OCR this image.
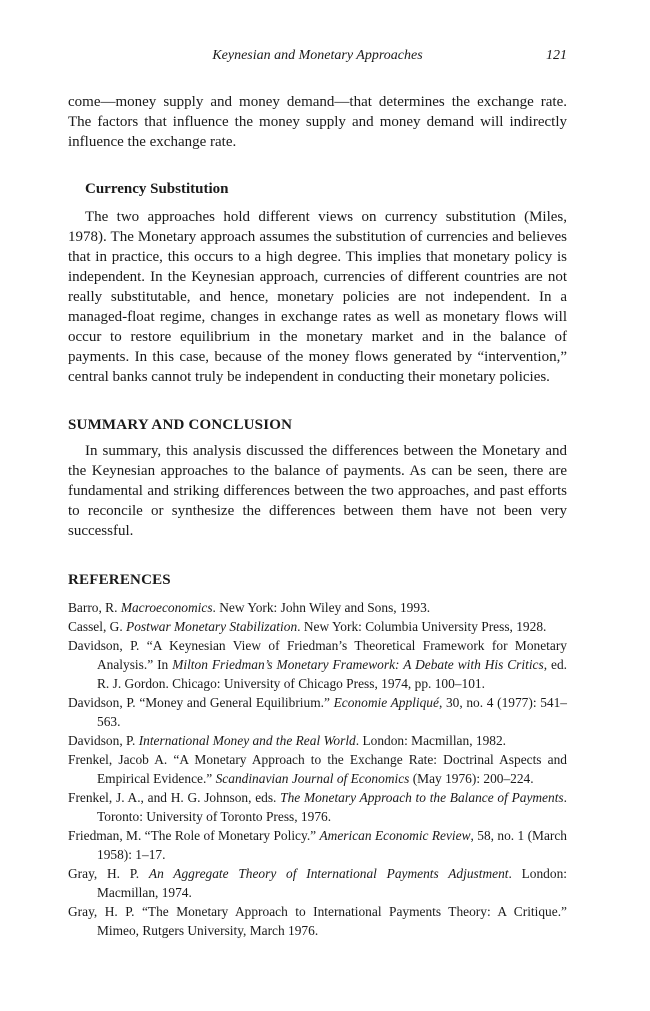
Keynesian and Monetary Approaches	121

come—money supply and money demand—that determines the exchange rate. The factors that influence the money supply and money demand will indirectly influence the exchange rate.

Currency Substitution

The two approaches hold different views on currency substitution (Miles, 1978). The Monetary approach assumes the substitution of currencies and believes that in practice, this occurs to a high degree. This implies that monetary policy is independent. In the Keynesian approach, currencies of different countries are not really substitutable, and hence, monetary policies are not independent. In a managed-float regime, changes in exchange rates as well as monetary flows will occur to restore equilibrium in the monetary market and in the balance of payments. In this case, because of the money flows generated by “intervention,” central banks cannot truly be independent in conducting their monetary policies.

SUMMARY AND CONCLUSION

In summary, this analysis discussed the differences between the Monetary and the Keynesian approaches to the balance of payments. As can be seen, there are fundamental and striking differences between the two approaches, and past efforts to reconcile or synthesize the differences between them have not been very successful.

REFERENCES

Barro, R. Macroeconomics. New York: John Wiley and Sons, 1993.

Cassel, G. Postwar Monetary Stabilization. New York: Columbia University Press, 1928.

Davidson, P. “A Keynesian View of Friedman’s Theoretical Framework for Monetary Analysis.” In Milton Friedman’s Monetary Framework: A Debate with His Critics, ed. R. J. Gordon. Chicago: University of Chicago Press, 1974, pp. 100–101.

Davidson, P. “Money and General Equilibrium.” Economie Appliqué, 30, no. 4 (1977): 541–563.

Davidson, P. International Money and the Real World. London: Macmillan, 1982.

Frenkel, Jacob A. “A Monetary Approach to the Exchange Rate: Doctrinal Aspects and Empirical Evidence.” Scandinavian Journal of Economics (May 1976): 200–224.

Frenkel, J. A., and H. G. Johnson, eds. The Monetary Approach to the Balance of Payments. Toronto: University of Toronto Press, 1976.

Friedman, M. “The Role of Monetary Policy.” American Economic Review, 58, no. 1 (March 1958): 1–17.

Gray, H. P. An Aggregate Theory of International Payments Adjustment. London: Macmillan, 1974.

Gray, H. P. “The Monetary Approach to International Payments Theory: A Critique.” Mimeo, Rutgers University, March 1976.
